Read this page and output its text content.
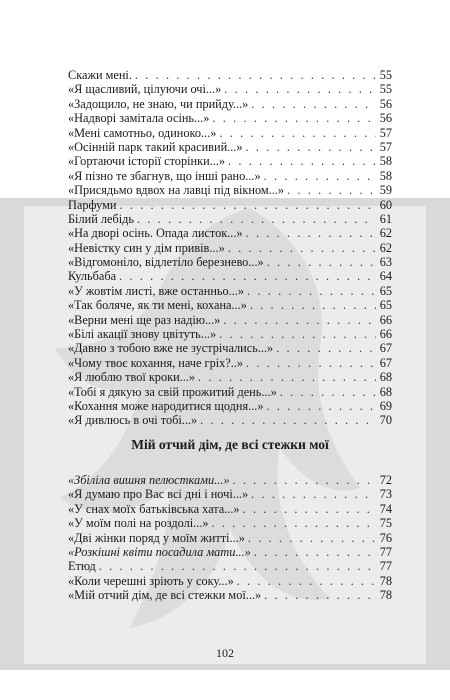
Скажи мені. . . .	55
«Я щасливий, цілуючи очі...» . . .	55
«Задощило, не знаю, чи прийду...» . . .	56
«Надворі заміталa осінь...» . . .	56
«Мені самотньо, одиноко...» . . .	57
«Осінній парк такий красивий...» . . .	57
«Гортаючи історії сторінки...» . . .	58
«Я пізно те збагнув, що інші рано...» . . .	58
«Присядьмо вдвох на лавці під вікном...» . . .	59
Парфуми . . .	60
Білий лебідь . . .	61
«На дворі осінь. Опада листок...» . . .	62
«Невістку син у дім привів...» . . .	62
«Відгомоніло, відлетіло березнево...» . . .	63
Кульбаба . . .	64
«У жовтім листі, вже останньо...» . . .	65
«Так боляче, як ти мені, кохана...» . . .	65
«Верни мені ще раз надію...» . . .	66
«Білі акації знову цвітуть...» . . .	66
«Давно з тобою вже не зустрічались...» . . .	67
«Чому твоє кохання, наче гріх?..» . . .	67
«Я люблю твої кроки...» . . .	68
«Тобі я дякую за свій прожитий день...» . . .	68
«Кохання може народитися щодня...» . . .	69
«Я дивлюсь в очі тобі...» . . .	70
Мій отчий дім, де всі стежки мої
«Збіліла вишня пелюстками...» . . .	72
«Я думаю про Вас всі дні і ночі...» . . .	73
«У снах моїх батьківська хата...» . . .	74
«У моїм полі на роздолі...» . . .	75
«Дві жінки поряд у моїм житті...» . . .	76
«Розкішні квіти посадила мати...» . . .	77
Етюд . . .	77
«Коли черешні зріють у соку...» . . .	78
«Мій отчий дім, де всі стежки мої...» . . .	78
102
